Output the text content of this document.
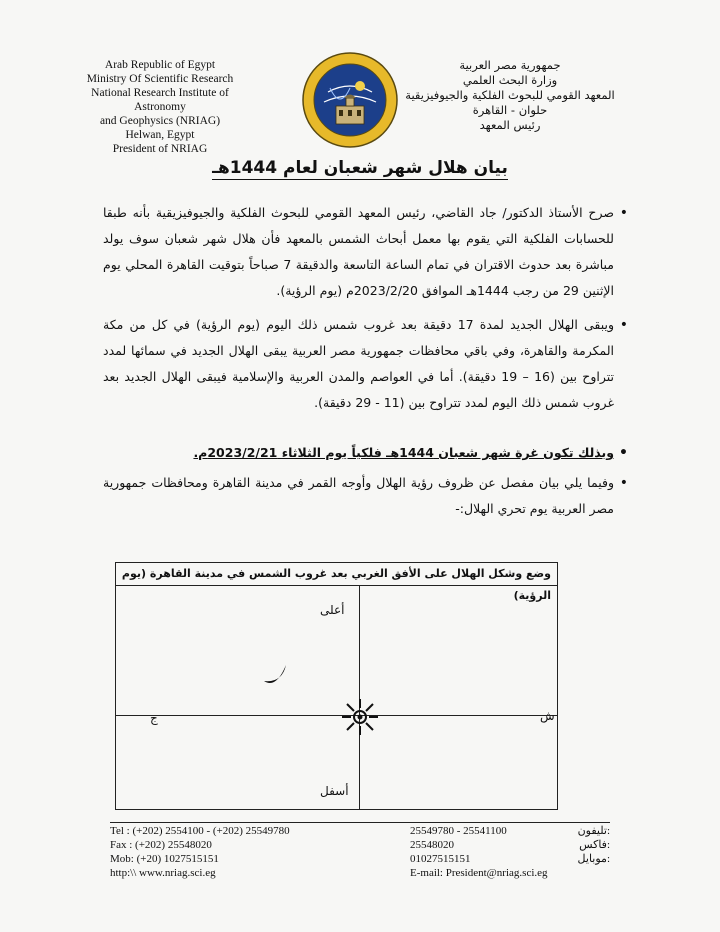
Arab Republic of Egypt
Ministry Of Scientific Research
National Research Institute of Astronomy
and Geophysics (NRIAG)
Helwan, Egypt
President of NRIAG
جمهورية مصر العربية
وزارة البحث العلمي
المعهد القومي للبحوث الفلكية والجيوفيزيقية
حلوان - القاهرة
رئيس المعهد
بيان هلال شهر شعبان لعام 1444هـ

• صرح الأستاذ الدكتور/ جاد القاضي، رئيس المعهد القومي للبحوث الفلكية والجيوفيزيقية بأنه طبقا للحسابات الفلكية التي يقوم بها معمل أبحاث الشمس بالمعهد فأن هلال شهر شعبان سوف يولد مباشرة بعد حدوث الاقتران في تمام الساعة التاسعة والدقيقة 7 صباحاً بتوقيت القاهرة المحلي يوم الإثنين 29 من رجب 1444هـ الموافق 2023/2/20م (يوم الرؤية).

• ويبقى الهلال الجديد لمدة 17 دقيقة بعد غروب شمس ذلك اليوم (يوم الرؤية) في كل من مكة المكرمة والقاهرة، وفي باقي محافظات جمهورية مصر العربية يبقى الهلال الجديد في سمائها لمدد تتراوح بين (16 – 19 دقيقة). أما في العواصم والمدن العربية والإسلامية فيبقى الهلال الجديد بعد غروب شمس ذلك اليوم لمدد تتراوح بين (11 - 29 دقيقة).

• وبذلك تكون غرة شهر شعبان 1444هـ فلكياً يوم الثلاثاء 2023/2/21م.

• وفيما يلي بيان مفصل عن ظروف رؤية الهلال وأوجه القمر في مدينة القاهرة ومحافظات جمهورية مصر العربية يوم تحري الهلال:-

وضع وشكل الهلال على الأفق الغربي بعد غروب الشمس في مدينة القاهرة (يوم الرؤية)
أعلى
أسفل
ج	ش
Tel : (+202) 2554100 - (+202) 25549780
Fax : (+202) 25548020
Mob: (+20) 1027515151
http:\\ www.nriag.sci.eg
25549780 - 25541100	تليفون:
25548020	فاكس:
01027515151	موبايل:
E-mail: President@nriag.sci.eg
